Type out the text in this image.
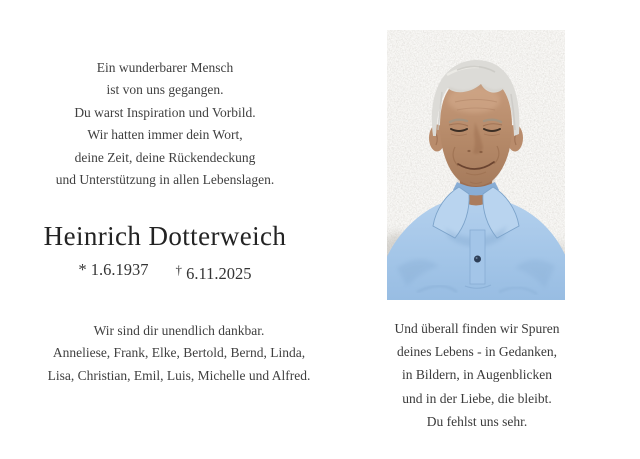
Ein wunderbarer Mensch
ist von uns gegangen.
Du warst Inspiration und Vorbild.
Wir hatten immer dein Wort,
deine Zeit, deine Rückendeckung
und Unterstützung in allen Lebenslagen.
Heinrich Dotterweich
* 1.6.1937 † 6.11.2025
Wir sind dir unendlich dankbar.
Anneliese, Frank, Elke, Bertold, Bernd, Linda,
Lisa, Christian, Emil, Luis, Michelle und Alfred.
Und überall finden wir Spuren
deines Lebens - in Gedanken,
in Bildern, in Augenblicken
und in der Liebe, die bleibt.
Du fehlst uns sehr.
